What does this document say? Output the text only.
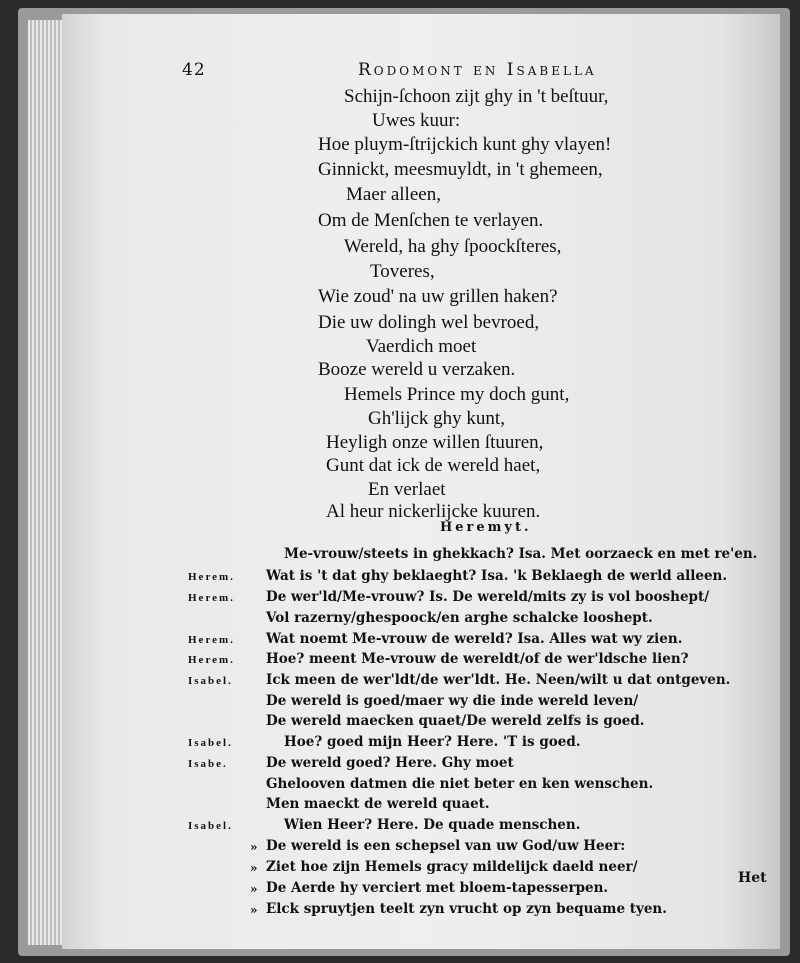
42	Rodomont en Isabella
Schijn-ſchoon zijt ghy in 't beſtuur,
Uwes kuur:
Hoe pluym-ſtrijckich kunt ghy vlayen!
Ginnickt, meesmuyldt, in 't ghemeen,
Maer alleen,
Om de Menſchen te verlayen.
Wereld, ha ghy ſpoockſteres,
Toveres,
Wie zoud' na uw grillen haken?
Die uw dolingh wel bevroed,
Vaerdich moet
Booze wereld u verzaken.
Hemels Prince my doch gunt,
Gh'lijck ghy kunt,
Heyligh onze willen ſtuuren,
Gunt dat ick de wereld haet,
En verlaet
Al heur nickerlijcke kuuren.
Heremyt.
Me-vrouw/steets in ghekkach? Isa. Met oorzaeck en met re'en.
Herem. Wat is 't dat ghy beklaeght? Isa. 'k Beklaegh de werld alleen.
Herem. De wer'ld/Me-vrouw? Is. De wereld/mits zy is vol booshept/
Vol razerny/ghespoock/en arghe schalcke looshept.
Herem. Wat noemt Me-vrouw de wereld? Isa. Alles wat wy zien.
Herem. Hoe? meent Me-vrouw de wereldt/of de wer'ldsche lien?
Isabel. Ick meen de wer'ldt/de wer'ldt. He. Neen/wilt u dat ontgeven.
De wereld is goed/maer wy die inde wereld leven/
De wereld maecken quaet/De wereld zelfs is goed.
Isabel.	Hoe? goed mijn Heer? Here. 'T is goed.
Isabe.	De wereld goed? Here. Ghy moet
Ghelooven datmen die niet beter en ken wenschen.
Men maeckt de wereld quaet.
Isabel.	Wien Heer? Here. De quade menschen.
» De wereld is een schepsel van uw God/uw Heer:
» Ziet hoe zijn Hemels gracy mildelijck daeld neer/
» De Aerde hy verciert met bloem-tapesserpen.
» Elck spruytjen teelt zyn vrucht op zyn bequame tyen.
Het
